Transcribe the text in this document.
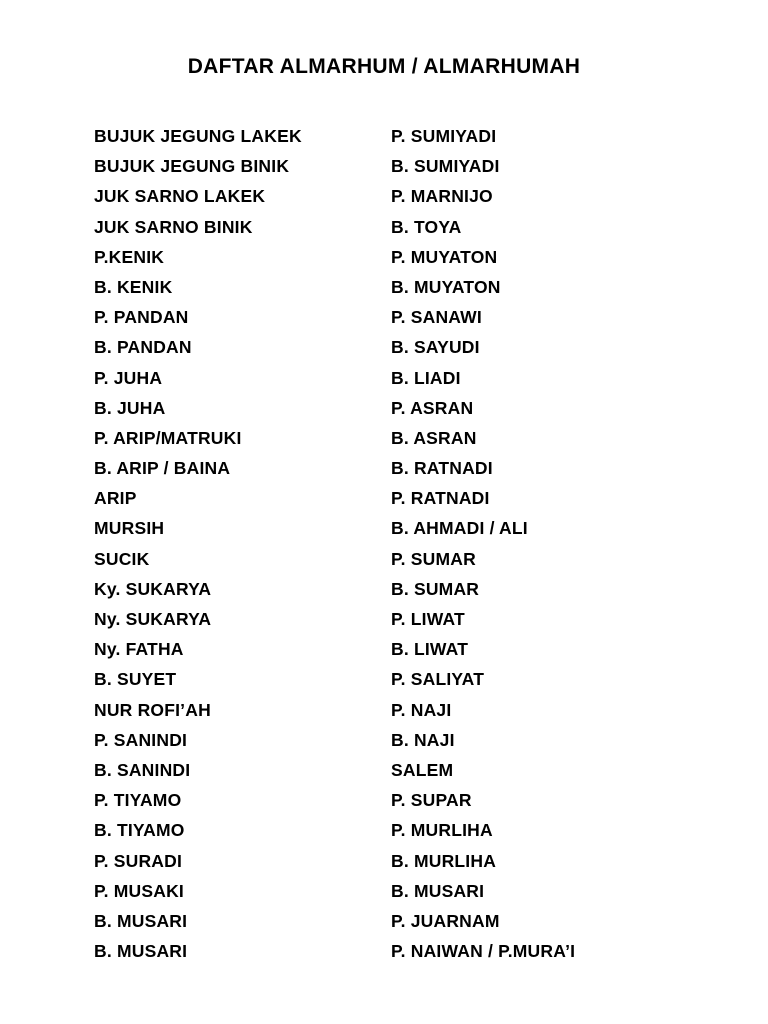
DAFTAR ALMARHUM / ALMARHUMAH
BUJUK JEGUNG LAKEK
BUJUK JEGUNG BINIK
JUK SARNO LAKEK
JUK SARNO BINIK
P.KENIK
B. KENIK
P. PANDAN
B. PANDAN
P. JUHA
B. JUHA
P. ARIP/MATRUKI
B. ARIP / BAINA
ARIP
MURSIH
SUCIK
Ky. SUKARYA
Ny. SUKARYA
Ny. FATHA
B. SUYET
NUR ROFI’AH
P. SANINDI
B. SANINDI
P. TIYAMO
B. TIYAMO
P. SURADI
P. MUSAKI
B. MUSARI
B. MUSARI
P. SUMIYADI
B. SUMIYADI
P. MARNIJO
B. TOYA
P. MUYATON
B. MUYATON
P. SANAWI
B. SAYUDI
B. LIADI
P. ASRAN
B. ASRAN
B. RATNADI
P. RATNADI
B. AHMADI / ALI
P. SUMAR
B. SUMAR
P. LIWAT
B. LIWAT
P. SALIYAT
P. NAJI
B. NAJI
SALEM
P. SUPAR
P. MURLIHA
B. MURLIHA
B. MUSARI
P. JUARNAM
P. NAIWAN / P.MURA’I
